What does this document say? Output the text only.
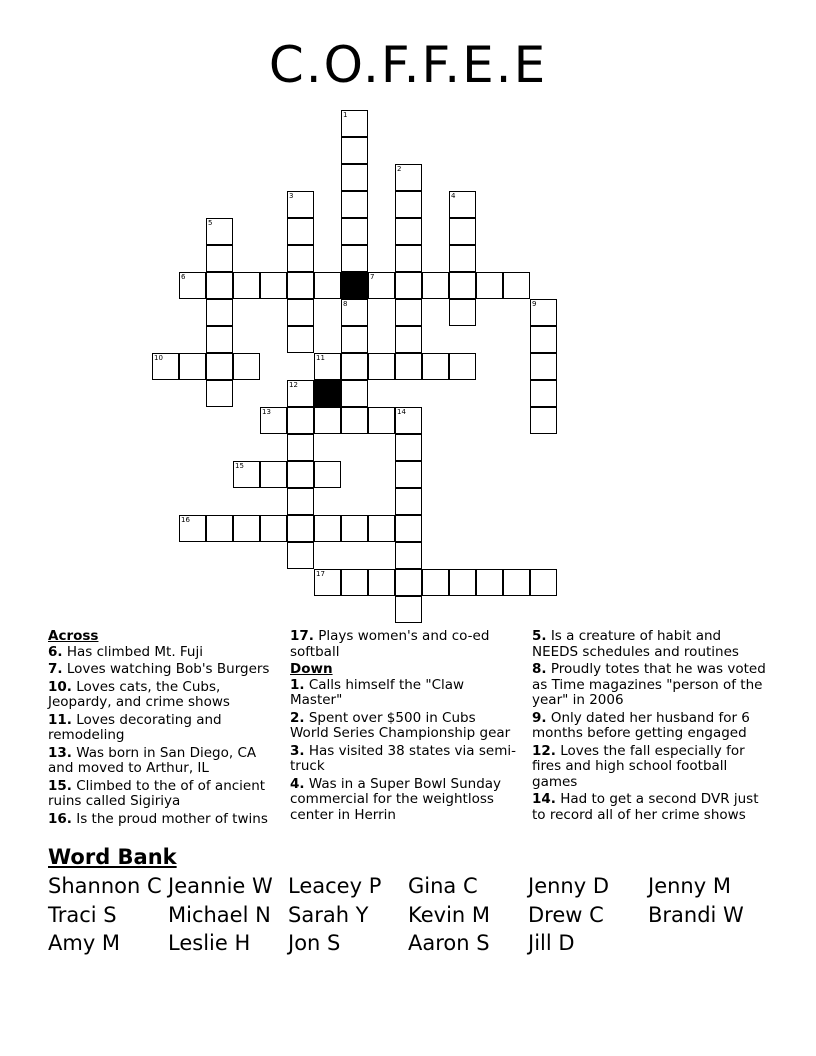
C.O.F.F.E.E
1
2
3	4
5
6	7
8	9
10	11
12
13	14
15
16
17
Across
6. Has climbed Mt. Fuji
7. Loves watching Bob's Burgers
10. Loves cats, the Cubs, Jeopardy, and crime shows
11. Loves decorating and remodeling
13. Was born in San Diego, CA and moved to Arthur, IL
15. Climbed to the of of ancient ruins called Sigiriya
16. Is the proud mother of twins
17. Plays women's and co-ed softball
Down
1. Calls himself the "Claw Master"
2. Spent over $500 in Cubs World Series Championship gear
3. Has visited 38 states via semi-truck
4. Was in a Super Bowl Sunday commercial for the weightloss center in Herrin
5. Is a creature of habit and NEEDS schedules and routines
8. Proudly totes that he was voted as Time magazines "person of the year" in 2006
9. Only dated her husband for 6 months before getting engaged
12. Loves the fall especially for fires and high school football games
14. Had to get a second DVR just to record all of her crime shows
Word Bank
Shannon C Jeannie W Leacey P Gina C Jenny D Jenny M
Traci S Michael N Sarah Y Kevin M Drew C Brandi W
Amy M Leslie H Jon S	Aaron S Jill D
